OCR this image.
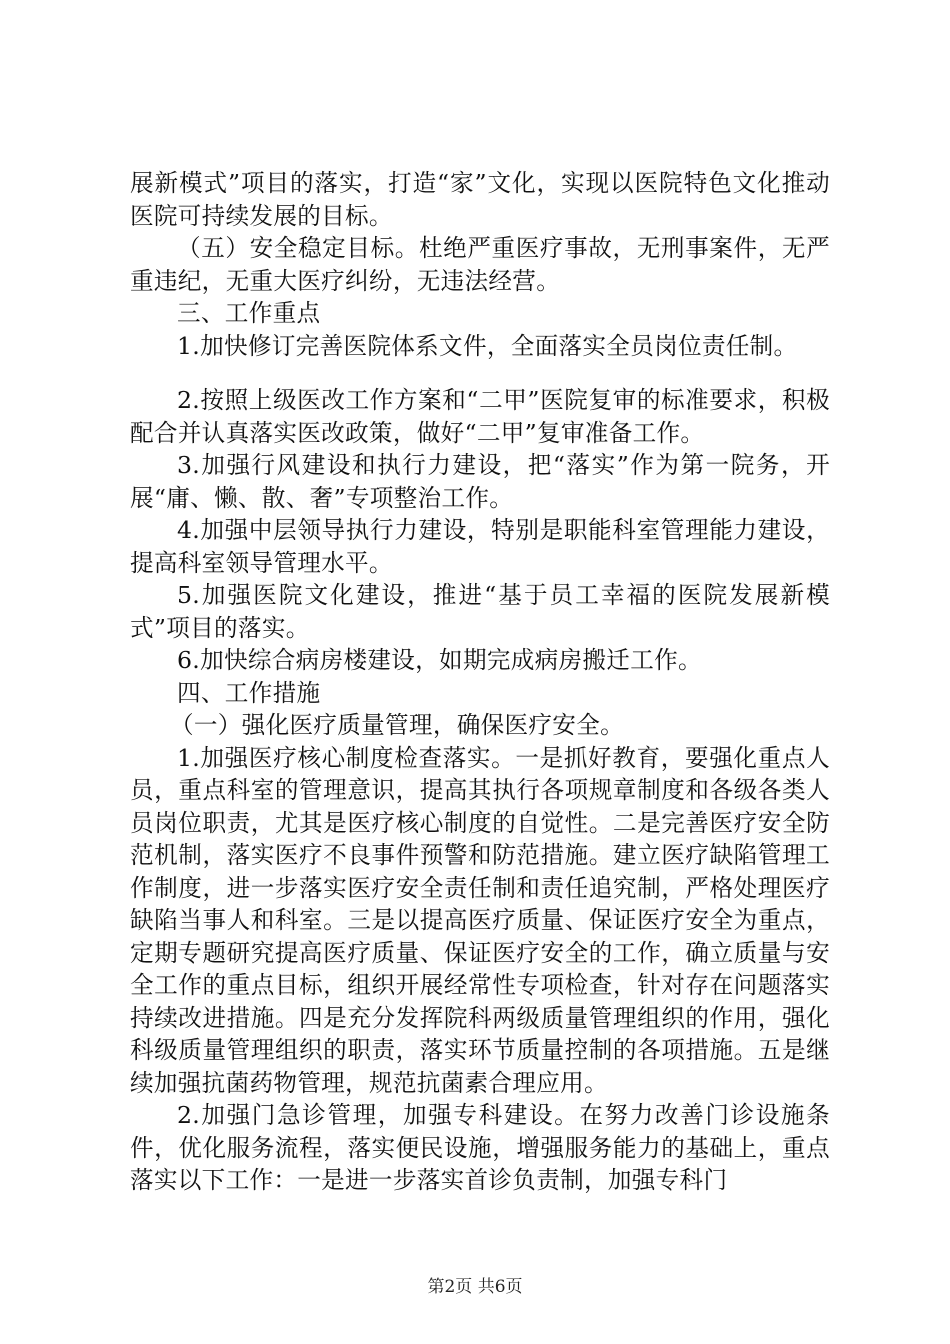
展新模式”项目的落实，打造“家”文化，实现以医院特色文化推动医院可持续发展的目标。

（五）安全稳定目标。杜绝严重医疗事故，无刑事案件，无严重违纪，无重大医疗纠纷，无违法经营。

三、工作重点

1.加快修订完善医院体系文件，全面落实全员岗位责任制。

2.按照上级医改工作方案和“二甲”医院复审的标准要求，积极配合并认真落实医改政策，做好“二甲”复审准备工作。

3.加强行风建设和执行力建设，把“落实”作为第一院务，开展“庸、懒、散、奢”专项整治工作。

4.加强中层领导执行力建设，特别是职能科室管理能力建设，提高科室领导管理水平。

5.加强医院文化建设，推进“基于员工幸福的医院发展新模式”项目的落实。

6.加快综合病房楼建设，如期完成病房搬迁工作。

四、工作措施

（一）强化医疗质量管理，确保医疗安全。

1.加强医疗核心制度检查落实。一是抓好教育，要强化重点人员，重点科室的管理意识，提高其执行各项规章制度和各级各类人员岗位职责，尤其是医疗核心制度的自觉性。二是完善医疗安全防范机制，落实医疗不良事件预警和防范措施。建立医疗缺陷管理工作制度，进一步落实医疗安全责任制和责任追究制，严格处理医疗缺陷当事人和科室。三是以提高医疗质量、保证医疗安全为重点，定期专题研究提高医疗质量、保证医疗安全的工作，确立质量与安全工作的重点目标，组织开展经常性专项检查，针对存在问题落实持续改进措施。四是充分发挥院科两级质量管理组织的作用，强化科级质量管理组织的职责，落实环节质量控制的各项措施。五是继续加强抗菌药物管理，规范抗菌素合理应用。

2.加强门急诊管理，加强专科建设。在努力改善门诊设施条件，优化服务流程，落实便民设施，增强服务能力的基础上，重点落实以下工作：一是进一步落实首诊负责制，加强专科门

第2页 共6页
